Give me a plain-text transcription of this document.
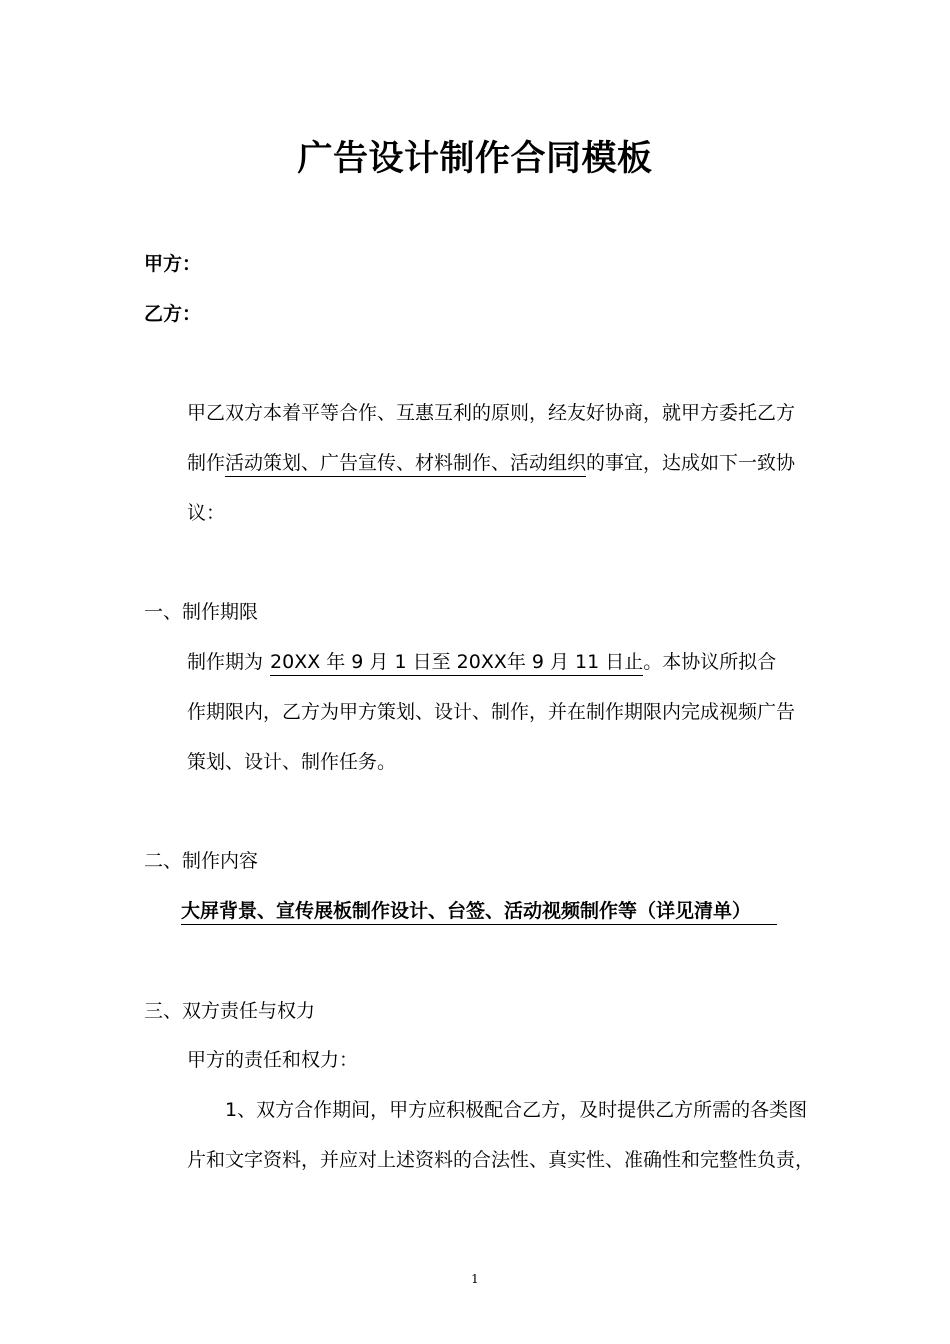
广告设计制作合同模板
甲方：
乙方：
甲乙双方本着平等合作、互惠互利的原则，经友好协商，就甲方委托乙方
制作活动策划、广告宣传、材料制作、活动组织的事宜，达成如下一致协
议：
一、制作期限
制作期为 20XX 年 9 月 1 日至 20XX年 9 月 11 日止。本协议所拟合
作期限内，乙方为甲方策划、设计、制作，并在制作期限内完成视频广告
策划、设计、制作任务。
二、制作内容
大屏背景、宣传展板制作设计、台签、活动视频制作等（详见清单）
三、双方责任与权力
甲方的责任和权力：
1、双方合作期间，甲方应积极配合乙方，及时提供乙方所需的各类图
片和文字资料，并应对上述资料的合法性、真实性、准确性和完整性负责，
1
